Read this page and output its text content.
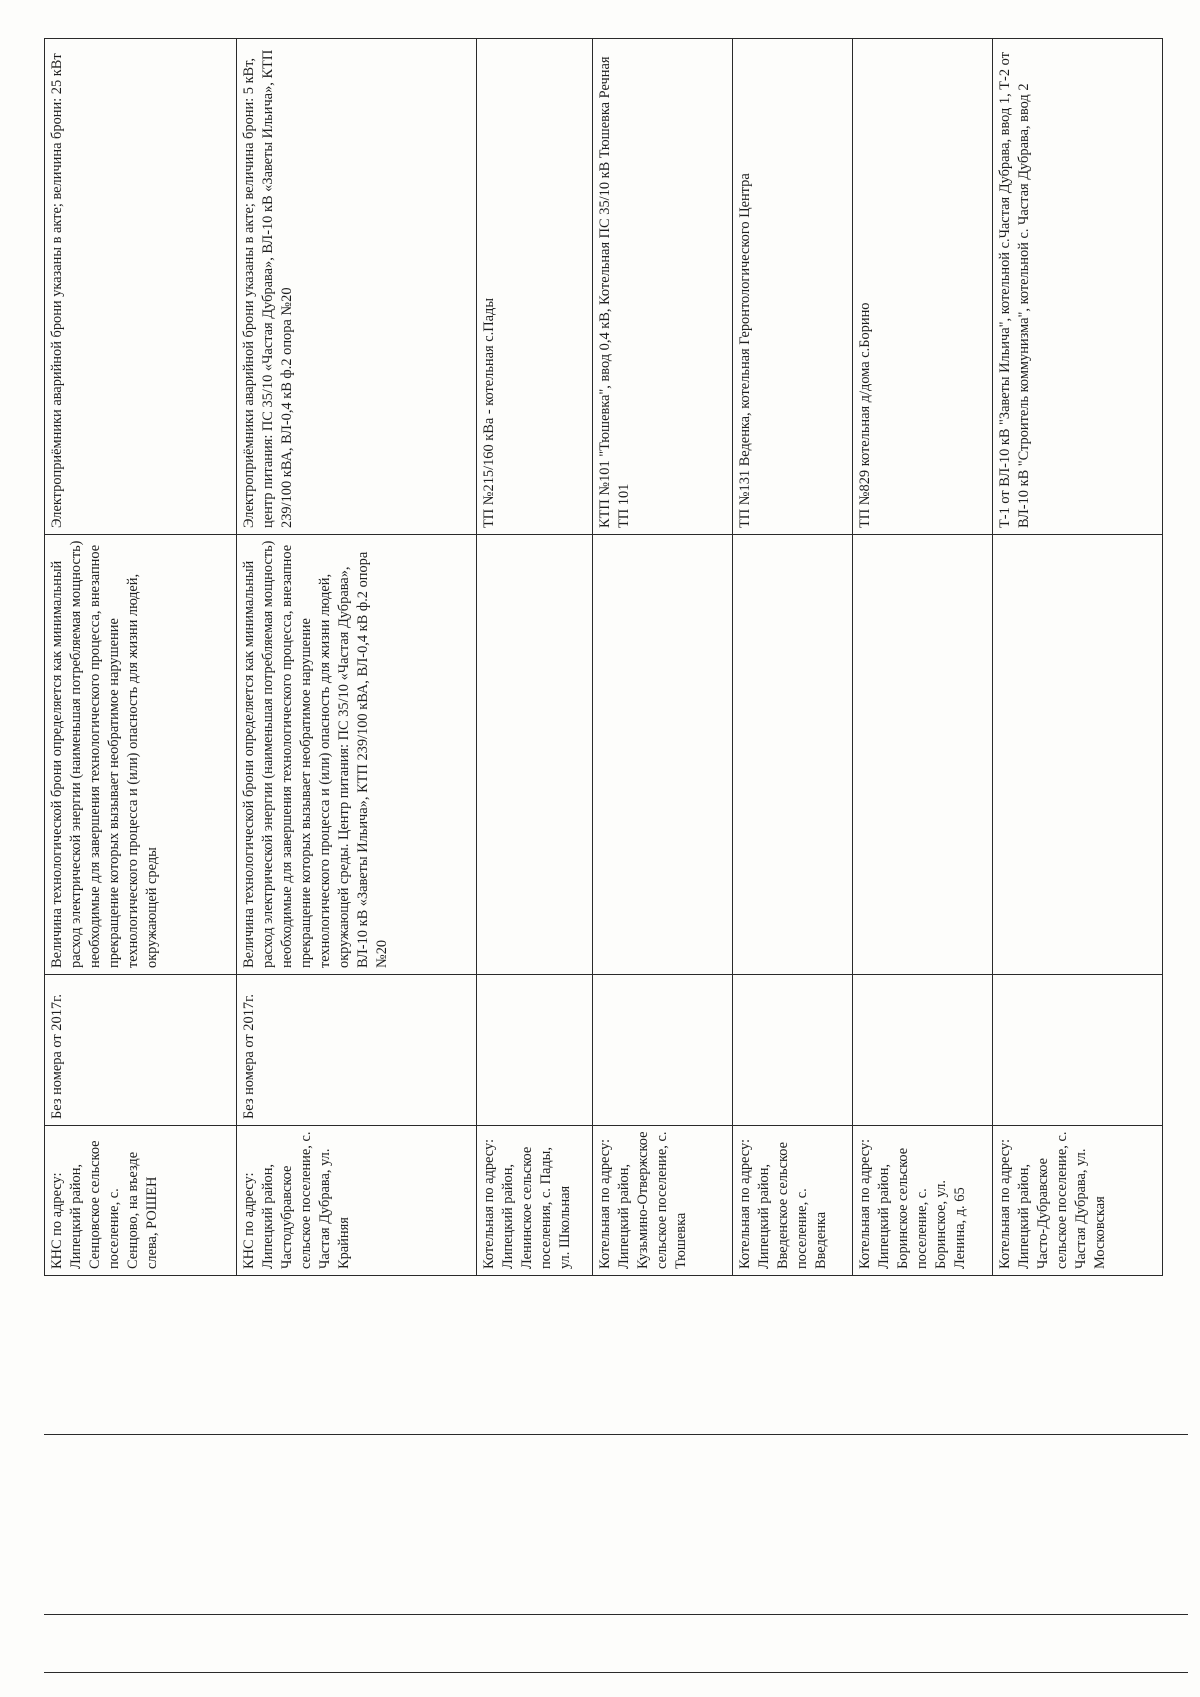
КНС по адресу: Липецкий район, Сенцовское сельское поселение, с. Сенцово, на въезде слева, РОШЕН	Без номера от 2017г.	Величина технологической брони определяется как минимальный расход электрической энергии (наименьшая потребляемая мощность) необходимые для завершения технологического процесса, внезапное прекращение которых вызывает необратимое нарушение технологического процесса и (или) опасность для жизни людей, окружающей среды	Электроприёмники аварийной брони указаны в акте; величина брони: 25 кВт
КНС по адресу: Липецкий район, Частодубравское сельское поселение, с. Частая Дубрава, ул. Крайняя	Без номера от 2017г.	Величина технологической брони определяется как минимальный расход электрической энергии (наименьшая потребляемая мощность) необходимые для завершения технологического процесса, внезапное прекращение которых вызывает необратимое нарушение технологического процесса и (или) опасность для жизни людей, окружающей среды. Центр питания: ПС 35/10 «Частая Дубрава», ВЛ-10 кВ «Заветы Ильича», КТП 239/100 кВА, ВЛ-0,4 кВ ф.2 опора №20	Электроприёмники аварийной брони указаны в акте; величина брони: 5 кВт, центр питания: ПС 35/10 «Частая Дубрава», ВЛ-10 кВ «Заветы Ильича», КТП 239/100 кВА, ВЛ-0,4 кВ ф.2 опора №20
Котельная по адресу: Липецкий район, Ленинское сельское поселения, с. Пады, ул. Школьная			ТП №215/160 кВа - котельная с.Пады
Котельная по адресу: Липецкий район, Кузьмино-Отвержское сельское поселение, с. Тюшевка			КТП №101 "Тюшевка", ввод 0,4 кВ, Котельная ПС 35/10 кВ Тюшевка Речная ТП 101
Котельная по адресу: Липецкий район, Введенское сельское поселение, с. Введенка			ТП №131 Веденка, котельная Геронтологического Центра
Котельная по адресу: Липецкий район, Боринское сельское поселение, с. Боринское, ул. Ленина, д. 65			ТП №829 котельная д/дома с.Борино
Котельная по адресу: Липецкий район, Часто-Дубравское сельское поселение, с. Частая Дубрава, ул. Московская			Т-1 от ВЛ-10 кВ "Заветы Ильича", котельной с.Частая Дубрава, ввод 1, Т-2 от ВЛ-10 кВ "Строитель коммунизма", котельной с. Частая Дубрава, ввод 2
